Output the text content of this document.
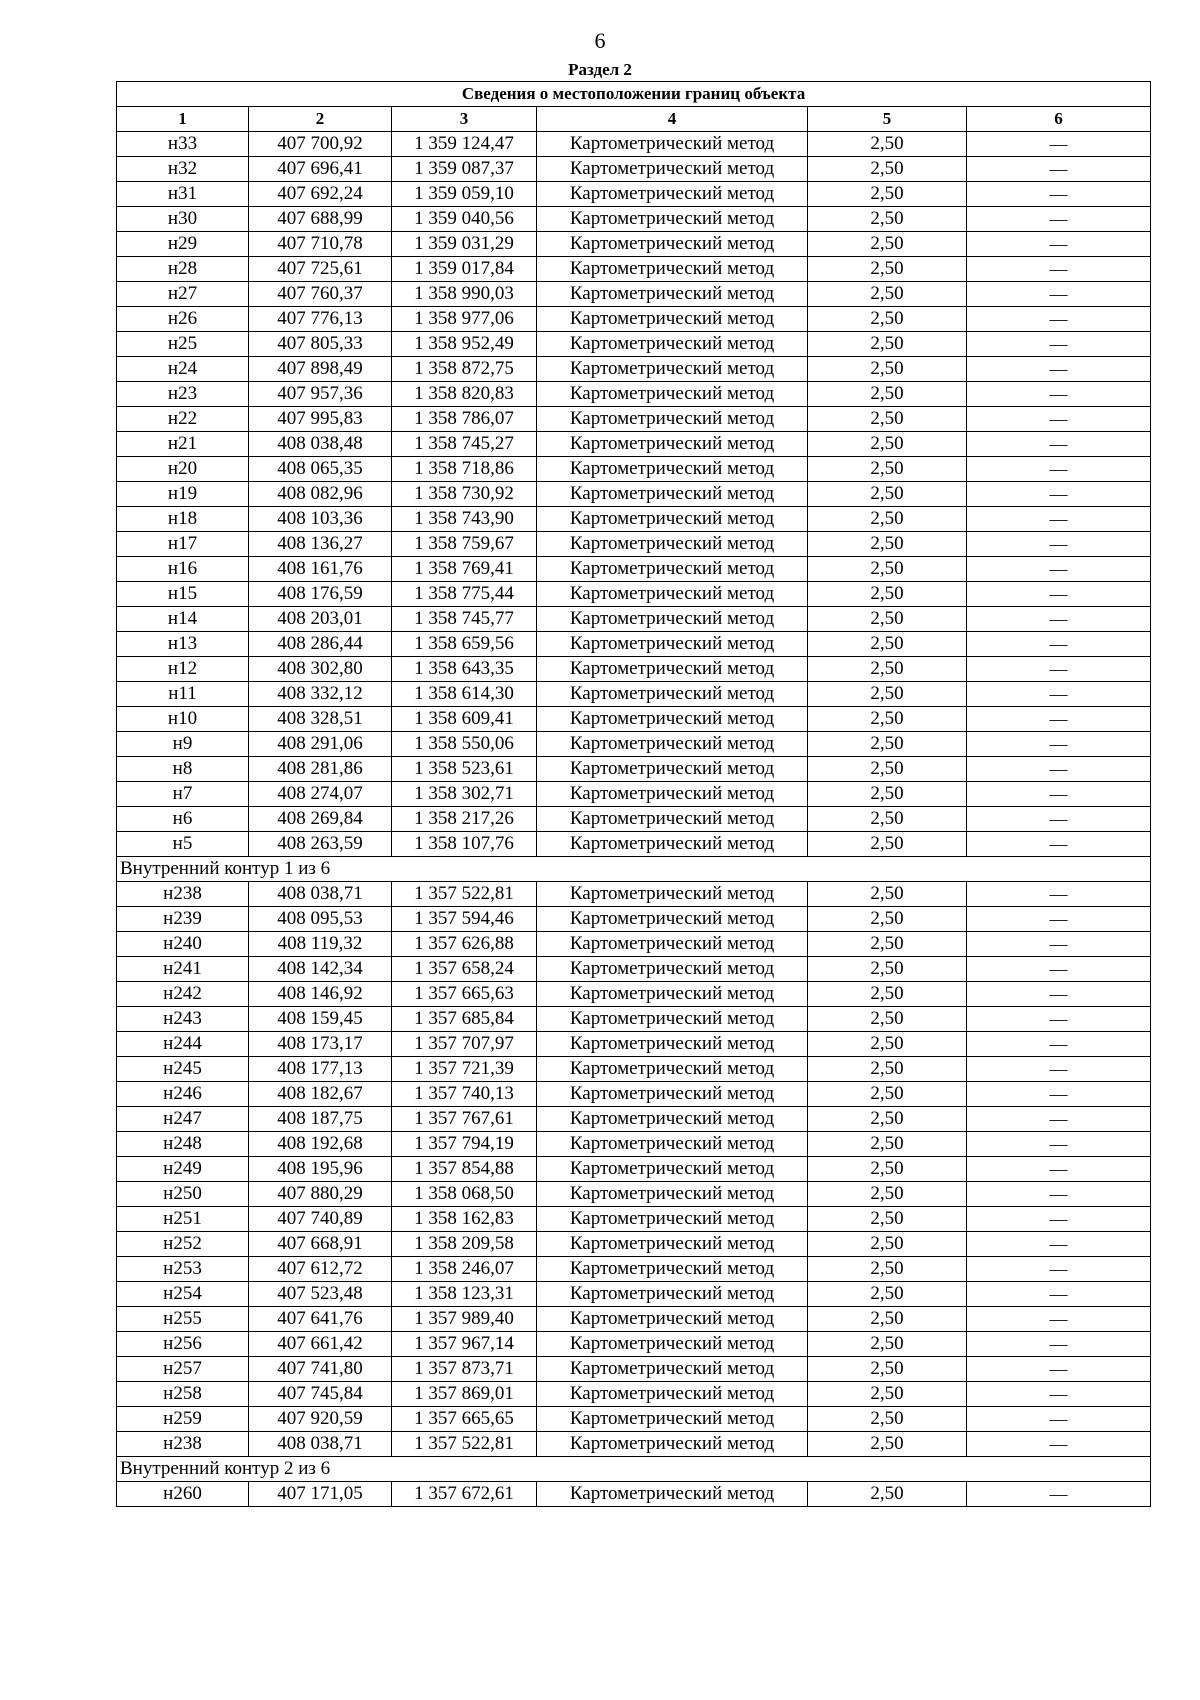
6
Раздел 2
Сведения о местоположении границ объекта					
1	2	3	4	5	6
н33	407 700,92	1 359 124,47	Картометрический метод	2,50	—
н32	407 696,41	1 359 087,37	Картометрический метод	2,50	—
н31	407 692,24	1 359 059,10	Картометрический метод	2,50	—
н30	407 688,99	1 359 040,56	Картометрический метод	2,50	—
н29	407 710,78	1 359 031,29	Картометрический метод	2,50	—
н28	407 725,61	1 359 017,84	Картометрический метод	2,50	—
н27	407 760,37	1 358 990,03	Картометрический метод	2,50	—
н26	407 776,13	1 358 977,06	Картометрический метод	2,50	—
н25	407 805,33	1 358 952,49	Картометрический метод	2,50	—
н24	407 898,49	1 358 872,75	Картометрический метод	2,50	—
н23	407 957,36	1 358 820,83	Картометрический метод	2,50	—
н22	407 995,83	1 358 786,07	Картометрический метод	2,50	—
н21	408 038,48	1 358 745,27	Картометрический метод	2,50	—
н20	408 065,35	1 358 718,86	Картометрический метод	2,50	—
н19	408 082,96	1 358 730,92	Картометрический метод	2,50	—
н18	408 103,36	1 358 743,90	Картометрический метод	2,50	—
н17	408 136,27	1 358 759,67	Картометрический метод	2,50	—
н16	408 161,76	1 358 769,41	Картометрический метод	2,50	—
н15	408 176,59	1 358 775,44	Картометрический метод	2,50	—
н14	408 203,01	1 358 745,77	Картометрический метод	2,50	—
н13	408 286,44	1 358 659,56	Картометрический метод	2,50	—
н12	408 302,80	1 358 643,35	Картометрический метод	2,50	—
н11	408 332,12	1 358 614,30	Картометрический метод	2,50	—
н10	408 328,51	1 358 609,41	Картометрический метод	2,50	—
н9	408 291,06	1 358 550,06	Картометрический метод	2,50	—
н8	408 281,86	1 358 523,61	Картометрический метод	2,50	—
н7	408 274,07	1 358 302,71	Картометрический метод	2,50	—
н6	408 269,84	1 358 217,26	Картометрический метод	2,50	—
н5	408 263,59	1 358 107,76	Картометрический метод	2,50	—
Внутренний контур 1 из 6					
н238	408 038,71	1 357 522,81	Картометрический метод	2,50	—
н239	408 095,53	1 357 594,46	Картометрический метод	2,50	—
н240	408 119,32	1 357 626,88	Картометрический метод	2,50	—
н241	408 142,34	1 357 658,24	Картометрический метод	2,50	—
н242	408 146,92	1 357 665,63	Картометрический метод	2,50	—
н243	408 159,45	1 357 685,84	Картометрический метод	2,50	—
н244	408 173,17	1 357 707,97	Картометрический метод	2,50	—
н245	408 177,13	1 357 721,39	Картометрический метод	2,50	—
н246	408 182,67	1 357 740,13	Картометрический метод	2,50	—
н247	408 187,75	1 357 767,61	Картометрический метод	2,50	—
н248	408 192,68	1 357 794,19	Картометрический метод	2,50	—
н249	408 195,96	1 357 854,88	Картометрический метод	2,50	—
н250	407 880,29	1 358 068,50	Картометрический метод	2,50	—
н251	407 740,89	1 358 162,83	Картометрический метод	2,50	—
н252	407 668,91	1 358 209,58	Картометрический метод	2,50	—
н253	407 612,72	1 358 246,07	Картометрический метод	2,50	—
н254	407 523,48	1 358 123,31	Картометрический метод	2,50	—
н255	407 641,76	1 357 989,40	Картометрический метод	2,50	—
н256	407 661,42	1 357 967,14	Картометрический метод	2,50	—
н257	407 741,80	1 357 873,71	Картометрический метод	2,50	—
н258	407 745,84	1 357 869,01	Картометрический метод	2,50	—
н259	407 920,59	1 357 665,65	Картометрический метод	2,50	—
н238	408 038,71	1 357 522,81	Картометрический метод	2,50	—
Внутренний контур 2 из 6					
н260	407 171,05	1 357 672,61	Картометрический метод	2,50	—
